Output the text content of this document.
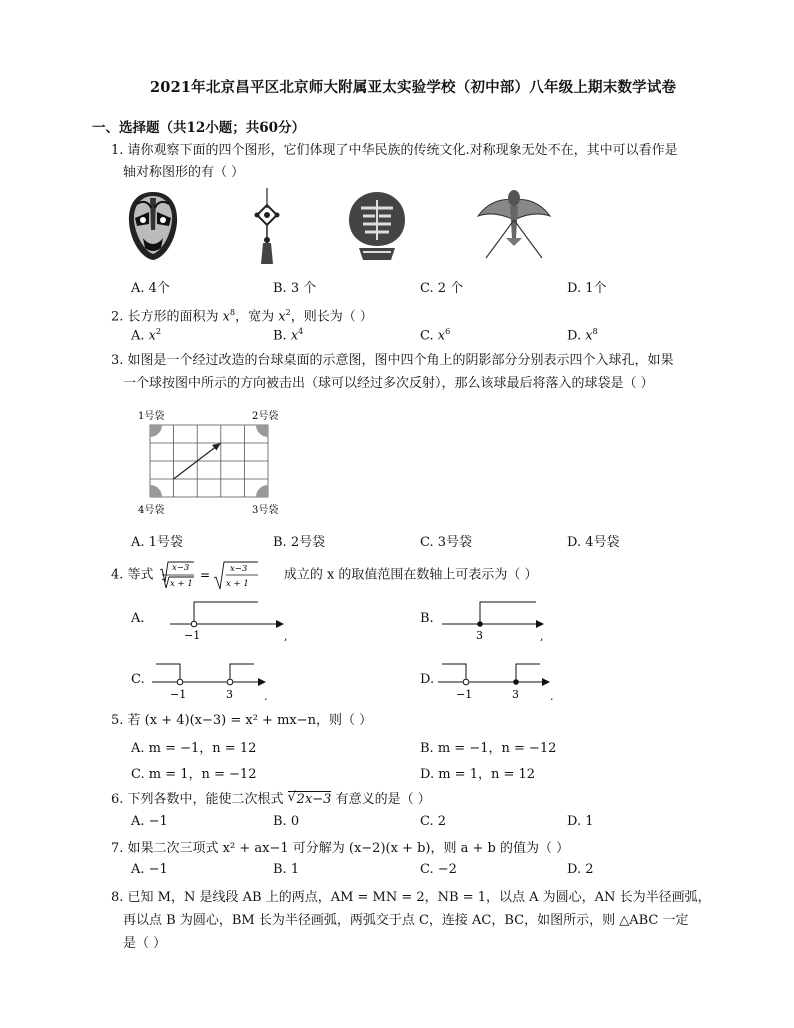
2021年北京昌平区北京师大附属亚太实验学校（初中部）八年级上期末数学试卷
一、选择题（共12小题；共60分）
1. 请你观察下面的四个图形，它们体现了中华民族的传统文化.对称现象无处不在，其中可以看作是
轴对称图形的有（ ）
A. 4个	B. 3 个	C. 2 个	D. 1个
2. 长方形的面积为 $x^8$，宽为 $x^2$，则长为（ ）
A. $x^2$	B. $x^4$	C. $x^6$	D. $x^8$
3. 如图是一个经过改造的台球桌面的示意图，图中四个角上的阴影部分分别表示四个入球孔，如果
一个球按图中所示的方向被击出（球可以经过多次反射），那么该球最后将落入的球袋是（ ）
1号袋	2号袋
4号袋	3号袋
A. 1号袋	B. 2号袋	C. 3号袋	D. 4号袋
4. 等式 x−3
x + 1
= x−3
x + 1
成立的 x 的取值范围在数轴上可表示为（ ）
A.
−1	,
B.
3	,
C.
−1	3	.
D.
−1	3	.
5. 若 (x + 4)(x−3) = x² + mx−n，则（ ）
A. m = −1，n = 12	B. m = −1，n = −12
C. m = 1，n = −12	D. m = 1，n = 12
6. 下列各数中，能使二次根式 √ 2x−3 有意义的是（ ）
A. −1	B. 0	C. 2	D. 1
7. 如果二次三项式 x² + ax−1 可分解为 (x−2)(x + b)，则 a + b 的值为（ ）
A. −1	B. 1	C. −2	D. 2
8. 已知 M，N 是线段 AB 上的两点，AM = MN = 2，NB = 1，以点 A 为圆心，AN 长为半径画弧，
再以点 B 为圆心，BM 长为半径画弧，两弧交于点 C，连接 AC，BC，如图所示，则 △ABC 一定
是（ ）
